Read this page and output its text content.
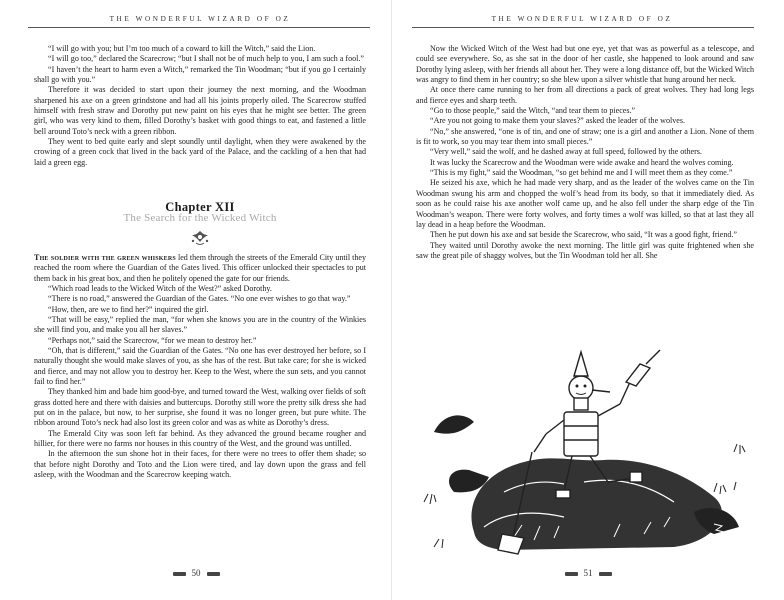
THE WONDERFUL WIZARD OF OZ

“I will go with you; but I’m too much of a coward to kill the Witch,” said the Lion.

“I will go too,” declared the Scarecrow; “but I shall not be of much help to you, I am such a fool.”

“I haven’t the heart to harm even a Witch,” remarked the Tin Woodman; “but if you go I certainly shall go with you.”

Therefore it was decided to start upon their journey the next morning, and the Woodman sharpened his axe on a green grindstone and had all his joints properly oiled. The Scarecrow stuffed himself with fresh straw and Dorothy put new paint on his eyes that he might see better. The green girl, who was very kind to them, filled Dorothy’s basket with good things to eat, and fastened a little bell around Toto’s neck with a green ribbon.

They went to bed quite early and slept soundly until daylight, when they were awakened by the crowing of a green cock that lived in the back yard of the Palace, and the cackling of a hen that had laid a green egg.

Chapter XII
The Search for the Wicked Witch

The soldier with the green whiskers led them through the streets of the Emerald City until they reached the room where the Guardian of the Gates lived. This officer unlocked their spectacles to put them back in his great box, and then he politely opened the gate for our friends.

“Which road leads to the Wicked Witch of the West?” asked Dorothy.

“There is no road,” answered the Guardian of the Gates. “No one ever wishes to go that way.”

“How, then, are we to find her?” inquired the girl.

“That will be easy,” replied the man, “for when she knows you are in the country of the Winkies she will find you, and make you all her slaves.”

“Perhaps not,” said the Scarecrow, “for we mean to destroy her.”

“Oh, that is different,” said the Guardian of the Gates. “No one has ever destroyed her before, so I naturally thought she would make slaves of you, as she has of the rest. But take care; for she is wicked and fierce, and may not allow you to destroy her. Keep to the West, where the sun sets, and you cannot fail to find her.”

They thanked him and bade him good-bye, and turned toward the West, walking over fields of soft grass dotted here and there with daisies and buttercups. Dorothy still wore the pretty silk dress she had put on in the palace, but now, to her surprise, she found it was no longer green, but pure white. The ribbon around Toto’s neck had also lost its green color and was as white as Dorothy’s dress.

The Emerald City was soon left far behind. As they advanced the ground became rougher and hillier, for there were no farms nor houses in this country of the West, and the ground was untilled.

In the afternoon the sun shone hot in their faces, for there were no trees to offer them shade; so that before night Dorothy and Toto and the Lion were tired, and lay down upon the grass and fell asleep, with the Woodman and the Scarecrow keeping watch.

50
THE WONDERFUL WIZARD OF OZ

Now the Wicked Witch of the West had but one eye, yet that was as powerful as a telescope, and could see everywhere. So, as she sat in the door of her castle, she happened to look around and saw Dorothy lying asleep, with her friends all about her. They were a long distance off, but the Wicked Witch was angry to find them in her country; so she blew upon a silver whistle that hung around her neck.

At once there came running to her from all directions a pack of great wolves. They had long legs and fierce eyes and sharp teeth.

“Go to those people,” said the Witch, “and tear them to pieces.”

“Are you not going to make them your slaves?” asked the leader of the wolves.

“No,” she answered, “one is of tin, and one of straw; one is a girl and another a Lion. None of them is fit to work, so you may tear them into small pieces.”

“Very well,” said the wolf, and he dashed away at full speed, followed by the others.

It was lucky the Scarecrow and the Woodman were wide awake and heard the wolves coming.

“This is my fight,” said the Woodman, “so get behind me and I will meet them as they come.”

He seized his axe, which he had made very sharp, and as the leader of the wolves came on the Tin Woodman swung his arm and chopped the wolf’s head from its body, so that it immediately died. As soon as he could raise his axe another wolf came up, and he also fell under the sharp edge of the Tin Woodman’s weapon. There were forty wolves, and forty times a wolf was killed, so that at last they all lay dead in a heap before the Woodman.

Then he put down his axe and sat beside the Scarecrow, who said, “It was a good fight, friend.”

They waited until Dorothy awoke the next morning. The little girl was quite frightened when she saw the great pile of shaggy wolves, but the Tin Woodman told her all. She

51
